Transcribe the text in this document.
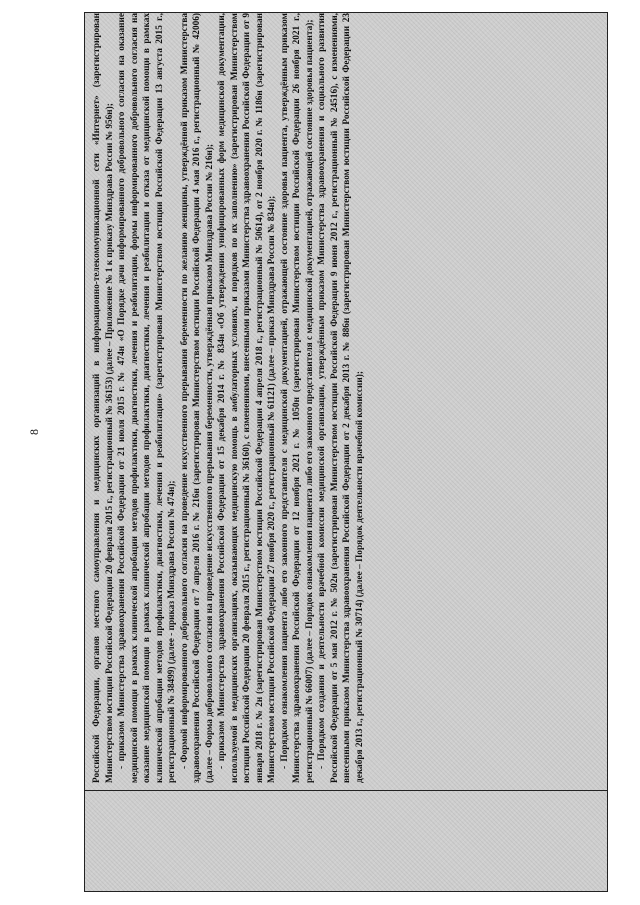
8	Российской Федерации, органов местного самоуправления и медицинских организаций в информационно-телекоммуникационной сети «Интернет» (зарегистрирован Министерством юстиции Российской Федерации 20 февраля 2015 г., регистрационный № 36153) (далее – Приложение № 1 к приказу Минздрава России № 956н); - приказом Министерства здравоохранения Российской Федерации от 21 июля 2015 г. № 474н «О Порядке дачи информированного добровольного согласия на оказание медицинской помощи в рамках клинической апробации методов профилактики, диагностики, лечения и реабилитации, формы информированного добровольного согласия на оказание медицинской помощи в рамках клинической апробации методов профилактики, диагностики, лечения и реабилитации и отказа от медицинской помощи в рамках клинической апробации методов профилактики, диагностики, лечения и реабилитации» (зарегистрирован Министерством юстиции Российской Федерации 13 августа 2015 г., регистрационный № 38499) (далее - приказ Минздрава России № 474н); - Формой информированного добровольного согласия на проведение искусственного прерывания беременности по желанию женщины, утверждённой приказом Министерства здравоохранения Российской Федерации от 7 апреля 2016 г. № 216н (зарегистрирован Министерством юстиции Российской Федерации 4 мая 2016 г., регистрационный № 42006) (далее – Форма добровольного согласия на проведение искусственного прерывания беременности, утверждённая приказом Минздрава России № 216н); - приказом Министерства здравоохранения Российской Федерации от 15 декабря 2014 г. № 834н «Об утверждении унифицированных форм медицинской документации, используемой в медицинских организациях, оказывающих медицинскую помощь в амбулаторных условиях, и порядков по их заполнению» (зарегистрирован Министерством юстиции Российской Федерации 20 февраля 2015 г., регистрационный № 36160), с изменениями, внесенными приказами Министерства здравоохранения Российской Федерации от 9 января 2018 г. № 2н (зарегистрирован Министерством юстиции Российской Федерации 4 апреля 2018 г., регистрационный № 50614), от 2 ноября 2020 г. № 1186н (зарегистрирован Министерством юстиции Российской Федерации 27 ноября 2020 г., регистрационный № 61121) (далее – приказ Минздрава России № 834н); - Порядком ознакомления пациента либо его законного представителя с медицинской документацией, отражающей состояние здоровья пациента, утверждённым приказом Министерства здравоохранения Российской Федерации от 12 ноября 2021 г. № 1050н (зарегистрирован Министерством юстиции Российской Федерации 26 ноября 2021 г., регистрационный № 66007) (далее – Порядок ознакомления пациента либо его законного представителя с медицинской документацией, отражающей состояние здоровья пациента); - Порядком создания и деятельности врачебной комиссии медицинской организации, утверждённым приказом Министерства здравоохранения и социального развития Российской Федерации от 5 мая 2012 г. № 502н (зарегистрирован Министерством юстиции Российской Федерации 9 июня 2012 г., регистрационный № 24516), с изменениями, внесенными приказом Министерства здравоохранения Российской Федерации от 2 декабря 2013 г. № 886н (зарегистрирован Министерством юстиции Российской Федерации 23 декабря 2013 г., регистрационный № 30714) (далее – Порядок деятельности врачебной комиссии);
